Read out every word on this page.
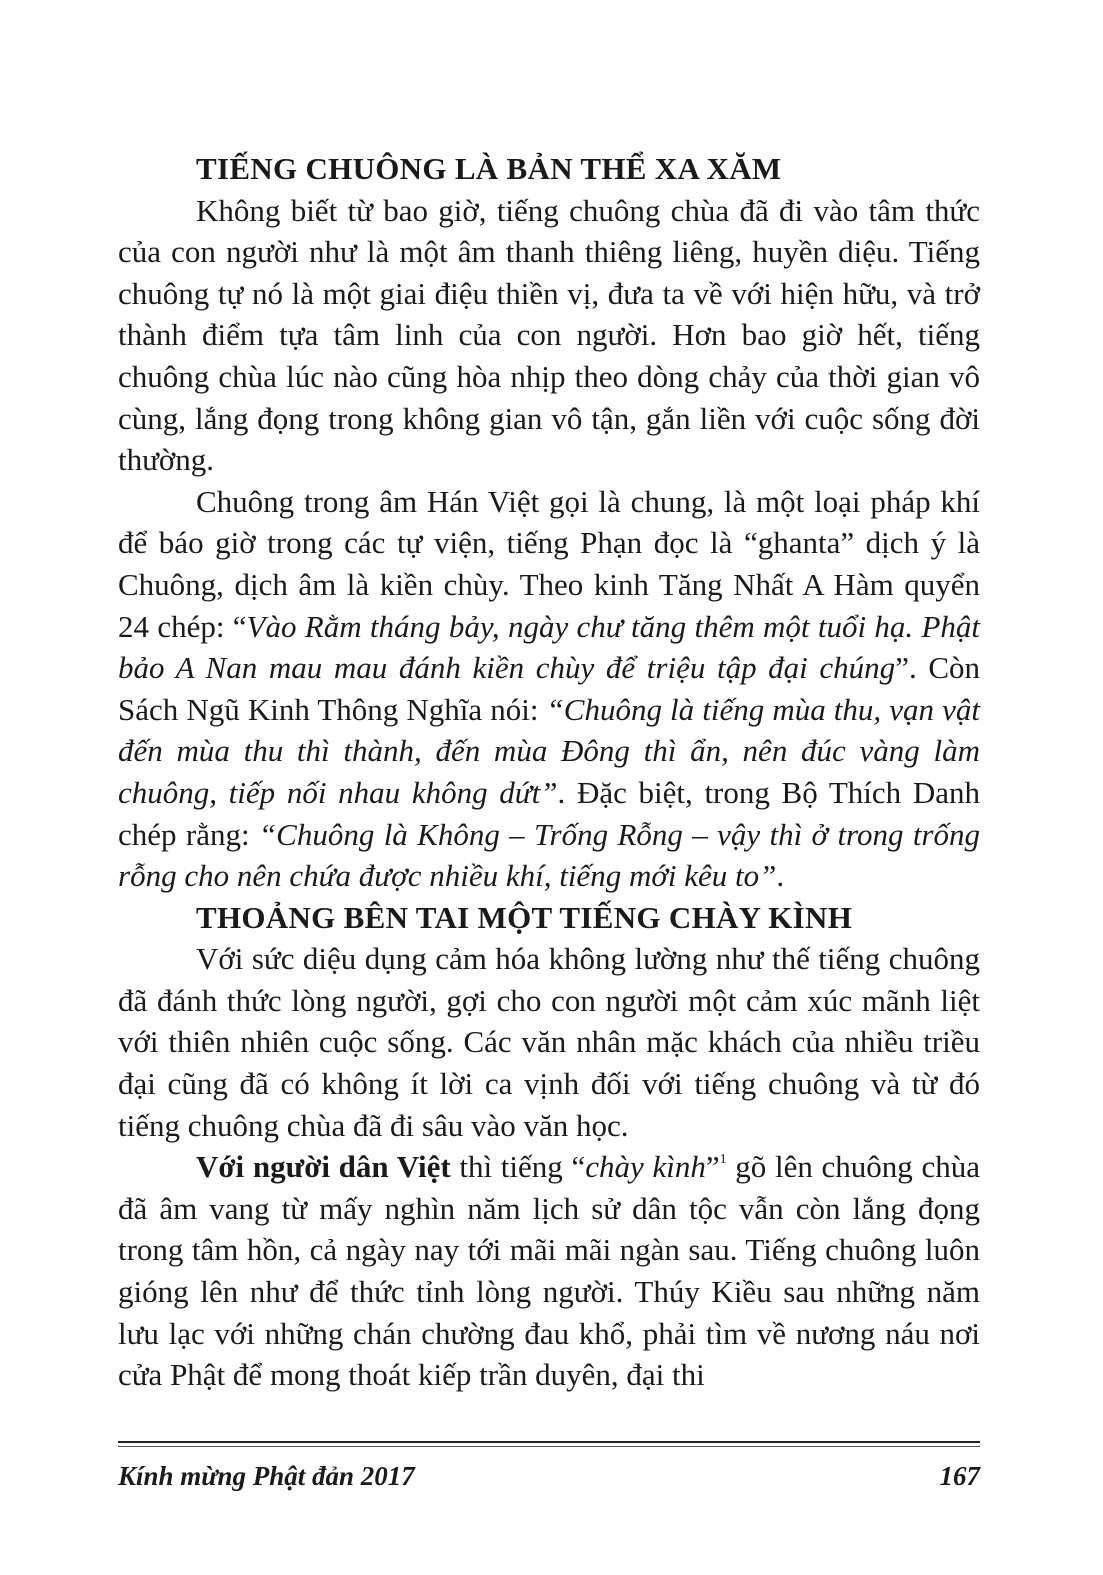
TIẾNG CHUÔNG LÀ BẢN THỂ XA XĂM

Không biết từ bao giờ, tiếng chuông chùa đã đi vào tâm thức của con người như là một âm thanh thiêng liêng, huyền diệu. Tiếng chuông tự nó là một giai điệu thiền vị, đưa ta về với hiện hữu, và trở thành điểm tựa tâm linh của con người. Hơn bao giờ hết, tiếng chuông chùa lúc nào cũng hòa nhịp theo dòng chảy của thời gian vô cùng, lắng đọng trong không gian vô tận, gắn liền với cuộc sống đời thường.

Chuông trong âm Hán Việt gọi là chung, là một loại pháp khí để báo giờ trong các tự viện, tiếng Phạn đọc là “ghanta” dịch ý là Chuông, dịch âm là kiền chùy. Theo kinh Tăng Nhất A Hàm quyển 24 chép: “Vào Rằm tháng bảy, ngày chư tăng thêm một tuổi hạ. Phật bảo A Nan mau mau đánh kiền chùy để triệu tập đại chúng”. Còn Sách Ngũ Kinh Thông Nghĩa nói: “Chuông là tiếng mùa thu, vạn vật đến mùa thu thì thành, đến mùa Đông thì ẩn, nên đúc vàng làm chuông, tiếp nối nhau không dứt”. Đặc biệt, trong Bộ Thích Danh chép rằng: “Chuông là Không – Trống Rỗng – vậy thì ở trong trống rỗng cho nên chứa được nhiều khí, tiếng mới kêu to”.

THOẢNG BÊN TAI MỘT TIẾNG CHÀY KÌNH

Với sức diệu dụng cảm hóa không lường như thế tiếng chuông đã đánh thức lòng người, gợi cho con người một cảm xúc mãnh liệt với thiên nhiên cuộc sống. Các văn nhân mặc khách của nhiều triều đại cũng đã có không ít lời ca vịnh đối với tiếng chuông và từ đó tiếng chuông chùa đã đi sâu vào văn học.

Với người dân Việt thì tiếng “chày kình”$^1$ gõ lên chuông chùa đã âm vang từ mấy nghìn năm lịch sử dân tộc vẫn còn lắng đọng trong tâm hồn, cả ngày nay tới mãi mãi ngàn sau. Tiếng chuông luôn gióng lên như để thức tỉnh lòng người. Thúy Kiều sau những năm lưu lạc với những chán chường đau khổ, phải tìm về nương náu nơi cửa Phật để mong thoát kiếp trần duyên, đại thi

Kính mừng Phật đản 2017	167
